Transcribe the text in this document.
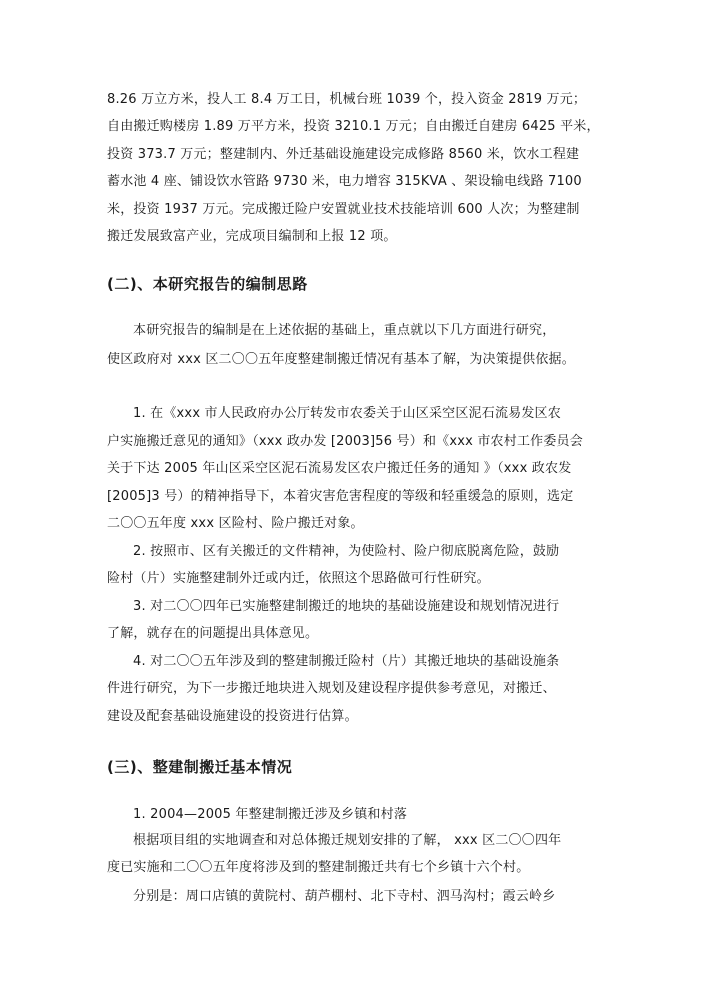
8.26 万立方米，投人工 8.4 万工日，机械台班 1039 个，投入资金 2819 万元；
自由搬迁购楼房 1.89 万平方米，投资 3210.1 万元；自由搬迁自建房 6425 平米，
投资 373.7 万元；整建制内、外迁基础设施建设完成修路 8560 米，饮水工程建
蓄水池 4 座、铺设饮水管路 9730 米，电力增容 315KVA 、架设输电线路 7100
米，投资 1937 万元。完成搬迁险户安置就业技术技能培训 600 人次；为整建制
搬迁发展致富产业，完成项目编制和上报 12 项。
(二)、本研究报告的编制思路
本研究报告的编制是在上述依据的基础上，重点就以下几方面进行研究，
使区政府对 xxx 区二〇〇五年度整建制搬迁情况有基本了解，为决策提供依据。
1. 在《xxx 市人民政府办公厅转发市农委关于山区采空区泥石流易发区农
户实施搬迁意见的通知》（xxx 政办发 [2003]56 号）和《xxx 市农村工作委员会
关于下达 2005 年山区采空区泥石流易发区农户搬迁任务的通知 》（xxx 政农发
[2005]3 号）的精神指导下，本着灾害危害程度的等级和轻重缓急的原则，选定
二〇〇五年度 xxx 区险村、险户搬迁对象。
2. 按照市、区有关搬迁的文件精神，为使险村、险户彻底脱离危险，鼓励
险村（片）实施整建制外迁或内迁，依照这个思路做可行性研究。
3. 对二〇〇四年已实施整建制搬迁的地块的基础设施建设和规划情况进行
了解，就存在的问题提出具体意见。
4. 对二〇〇五年涉及到的整建制搬迁险村（片）其搬迁地块的基础设施条
件进行研究，为下一步搬迁地块进入规划及建设程序提供参考意见，对搬迁、
建设及配套基础设施建设的投资进行估算。
(三)、整建制搬迁基本情况
1. 2004—2005 年整建制搬迁涉及乡镇和村落
根据项目组的实地调查和对总体搬迁规划安排的了解， xxx 区二〇〇四年
度已实施和二〇〇五年度将涉及到的整建制搬迁共有七个乡镇十六个村。
分别是：周口店镇的黄院村、葫芦棚村、北下寺村、泗马沟村；霞云岭乡
